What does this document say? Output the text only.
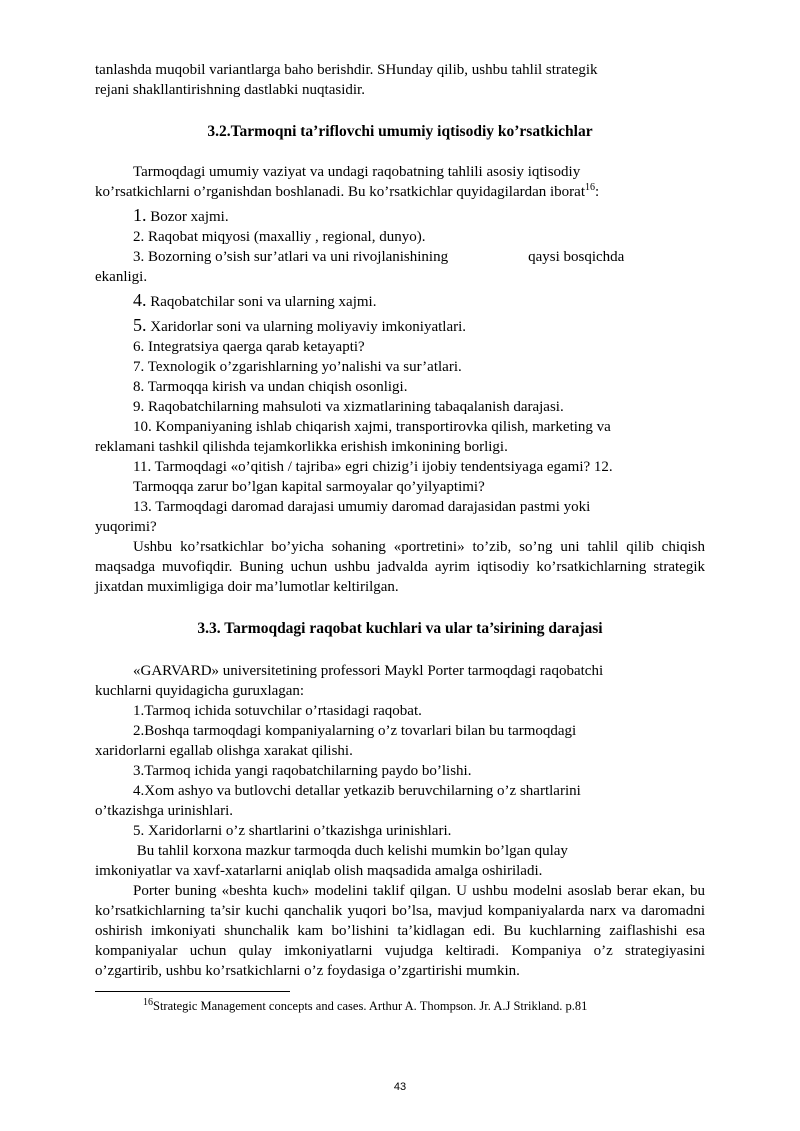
tanlashda muqobil variantlarga baho berishdir. SHunday qilib, ushbu tahlil strategik
rejani shakllantirishning dastlabki nuqtasidir.

3.2.Tarmoqni ta’riflovchi umumiy iqtisodiy ko’rsatkichlar

Tarmoqdagi umumiy vaziyat va undagi raqobatning tahlili asosiy iqtisodiy

ko’rsatkichlarni o’rganishdan boshlanadi. Bu ko’rsatkichlar quyidagilardan iborat$^{16}$:

1. Bozor xajmi.

2. Raqobat miqyosi (maxalliy , regional, dunyo).

3. Bozorning o’sish sur’atlari va uni rivojlanishining	qaysi bosqichda

ekanligi.

4. Raqobatchilar soni va ularning xajmi.

5. Xaridorlar soni va ularning moliyaviy imkoniyatlari.

6. Integratsiya qaerga qarab ketayapti?

7. Texnologik o’zgarishlarning yo’nalishi va sur’atlari.

8. Tarmoqqa kirish va undan chiqish osonligi.

9. Raqobatchilarning mahsuloti va xizmatlarining tabaqalanish darajasi.

10. Kompaniyaning ishlab chiqarish xajmi, transportirovka qilish, marketing va

reklamani tashkil qilishda tejamkorlikka erishish imkonining borligi.

11. Tarmoqdagi «o’qitish / tajriba» egri chizig’i ijobiy tendentsiyaga egami? 12.

Tarmoqqa zarur bo’lgan kapital sarmoyalar qo’yilyaptimi?

13. Tarmoqdagi daromad darajasi umumiy daromad darajasidan pastmi yoki

yuqorimi?

Ushbu ko’rsatkichlar bo’yicha sohaning «portretini» to’zib, so’ng uni tahlil qilib chiqish maqsadga muvofiqdir. Buning uchun ushbu jadvalda ayrim iqtisodiy ko’rsatkichlarning strategik jixatdan muximligiga doir ma’lumotlar keltirilgan.

3.3. Tarmoqdagi raqobat kuchlari va ular ta’sirining darajasi

«GARVARD» universitetining professori Maykl Porter tarmoqdagi raqobatchi

kuchlarni quyidagicha guruxlagan:

1.Tarmoq ichida sotuvchilar o’rtasidagi raqobat.

2.Boshqa tarmoqdagi kompaniyalarning o’z tovarlari bilan bu tarmoqdagi

xaridorlarni egallab olishga xarakat qilishi.

3.Tarmoq ichida yangi raqobatchilarning paydo bo’lishi.

4.Xom ashyo va butlovchi detallar yetkazib beruvchilarning o’z shartlarini

o’tkazishga urinishlari.

5. Xaridorlarni o’z shartlarini o’tkazishga urinishlari.

Bu tahlil korxona mazkur tarmoqda duch kelishi mumkin bo’lgan qulay

imkoniyatlar va xavf-xatarlarni aniqlab olish maqsadida amalga oshiriladi.

Porter buning «beshta kuch» modelini taklif qilgan. U ushbu modelni asoslab berar ekan, bu ko’rsatkichlarning ta’sir kuchi qanchalik yuqori bo’lsa, mavjud kompaniyalarda narx va daromadni oshirish imkoniyati shunchalik kam bo’lishini ta’kidlagan edi. Bu kuchlarning zaiflashishi esa kompaniyalar uchun qulay imkoniyatlarni vujudga keltiradi. Kompaniya o’z strategiyasini o’zgartirib, ushbu ko’rsatkichlarni o’z foydasiga o’zgartirishi mumkin.

$^{16}$Strategic Management concepts and cases. Arthur A. Thompson. Jr. A.J Strikland. p.81

43
